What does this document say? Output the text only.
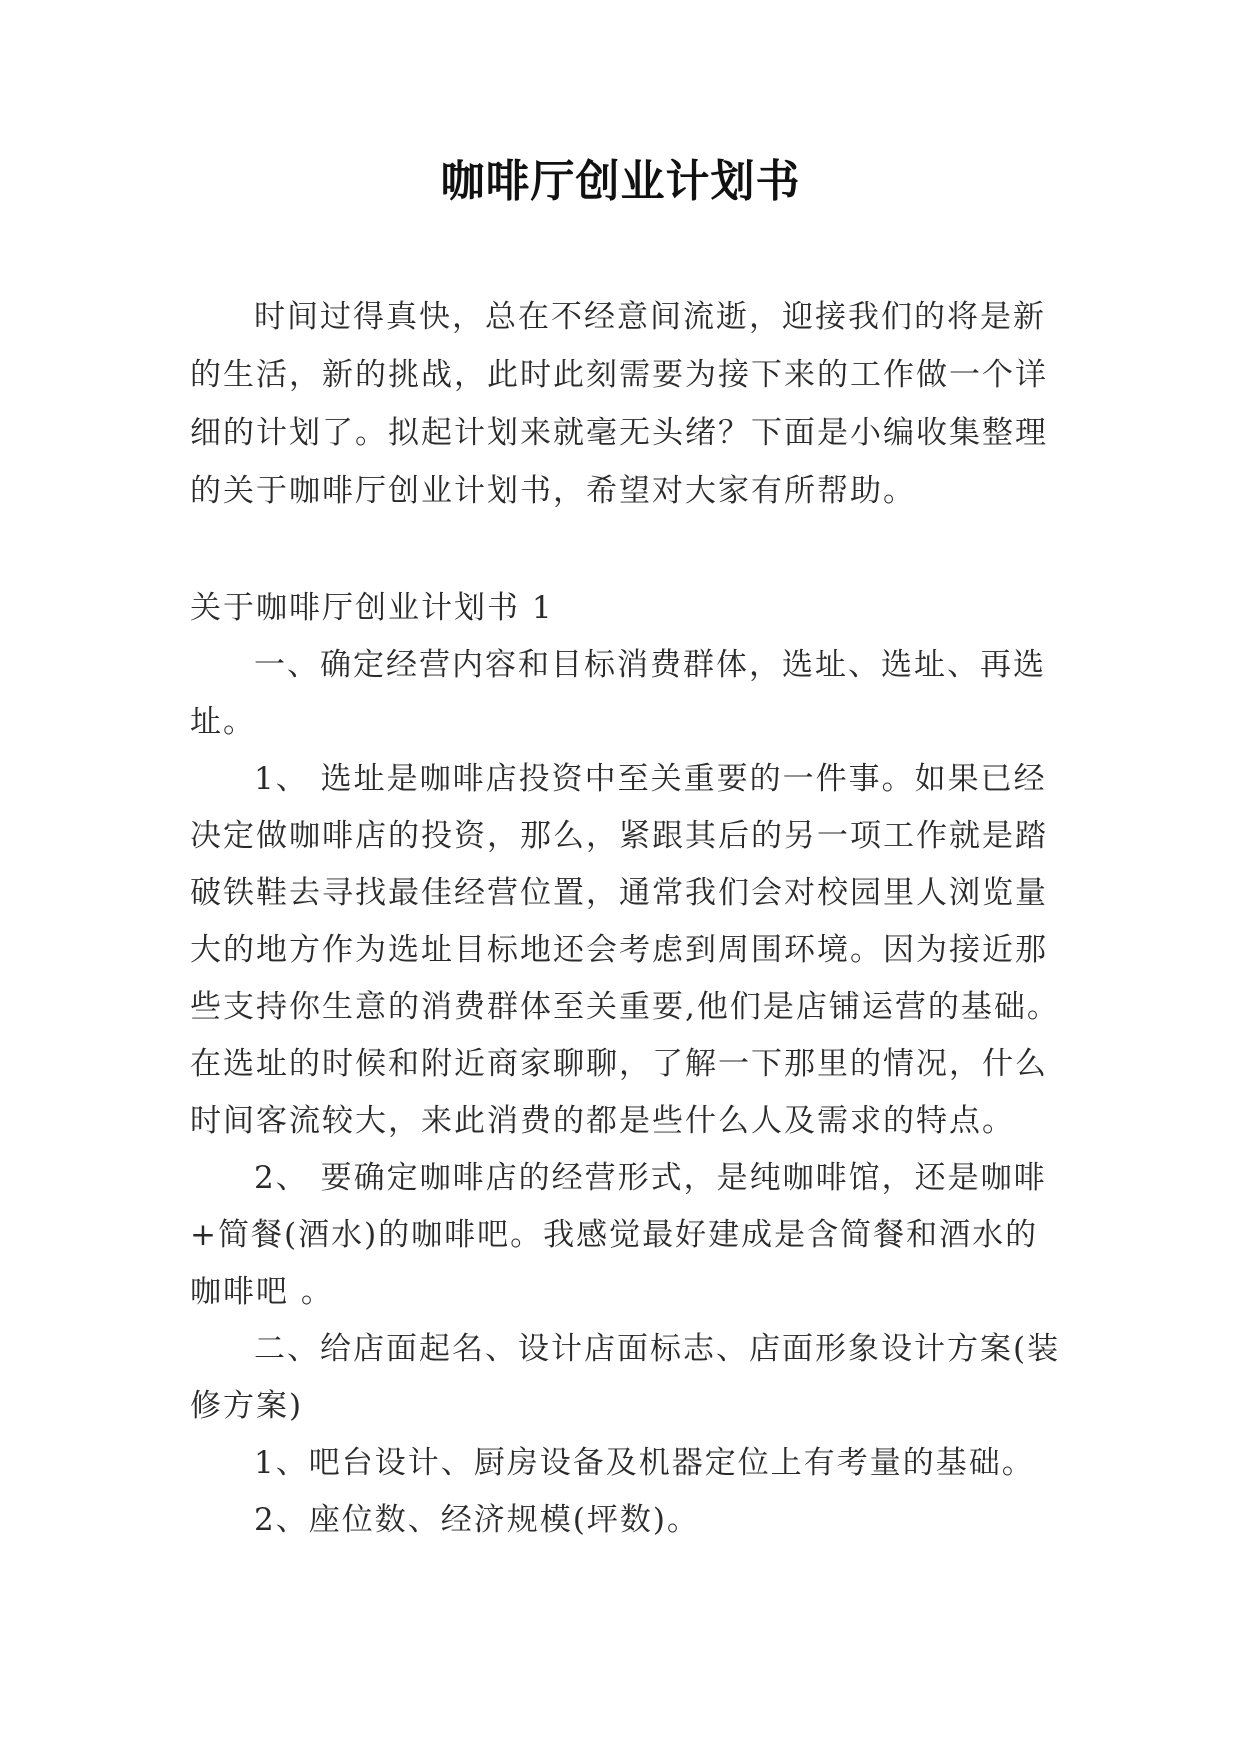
咖啡厅创业计划书

时间过得真快，总在不经意间流逝，迎接我们的将是新的生活，新的挑战，此时此刻需要为接下来的工作做一个详细的计划了。拟起计划来就毫无头绪？下面是小编收集整理的关于咖啡厅创业计划书，希望对大家有所帮助。

关于咖啡厅创业计划书 1

一、确定经营内容和目标消费群体，选址、选址、再选址。

1、 选址是咖啡店投资中至关重要的一件事。如果已经决定做咖啡店的投资，那么，紧跟其后的另一项工作就是踏破铁鞋去寻找最佳经营位置，通常我们会对校园里人浏览量大的地方作为选址目标地还会考虑到周围环境。因为接近那些支持你生意的消费群体至关重要,他们是店铺运营的基础。在选址的时候和附近商家聊聊，了解一下那里的情况，什么时间客流较大，来此消费的都是些什么人及需求的特点。

2、 要确定咖啡店的经营形式，是纯咖啡馆，还是咖啡+简餐(酒水)的咖啡吧。我感觉最好建成是含简餐和酒水的咖啡吧 。

二、给店面起名、设计店面标志、店面形象设计方案(装修方案)

1、吧台设计、厨房设备及机器定位上有考量的基础。

2、座位数、经济规模(坪数)。
